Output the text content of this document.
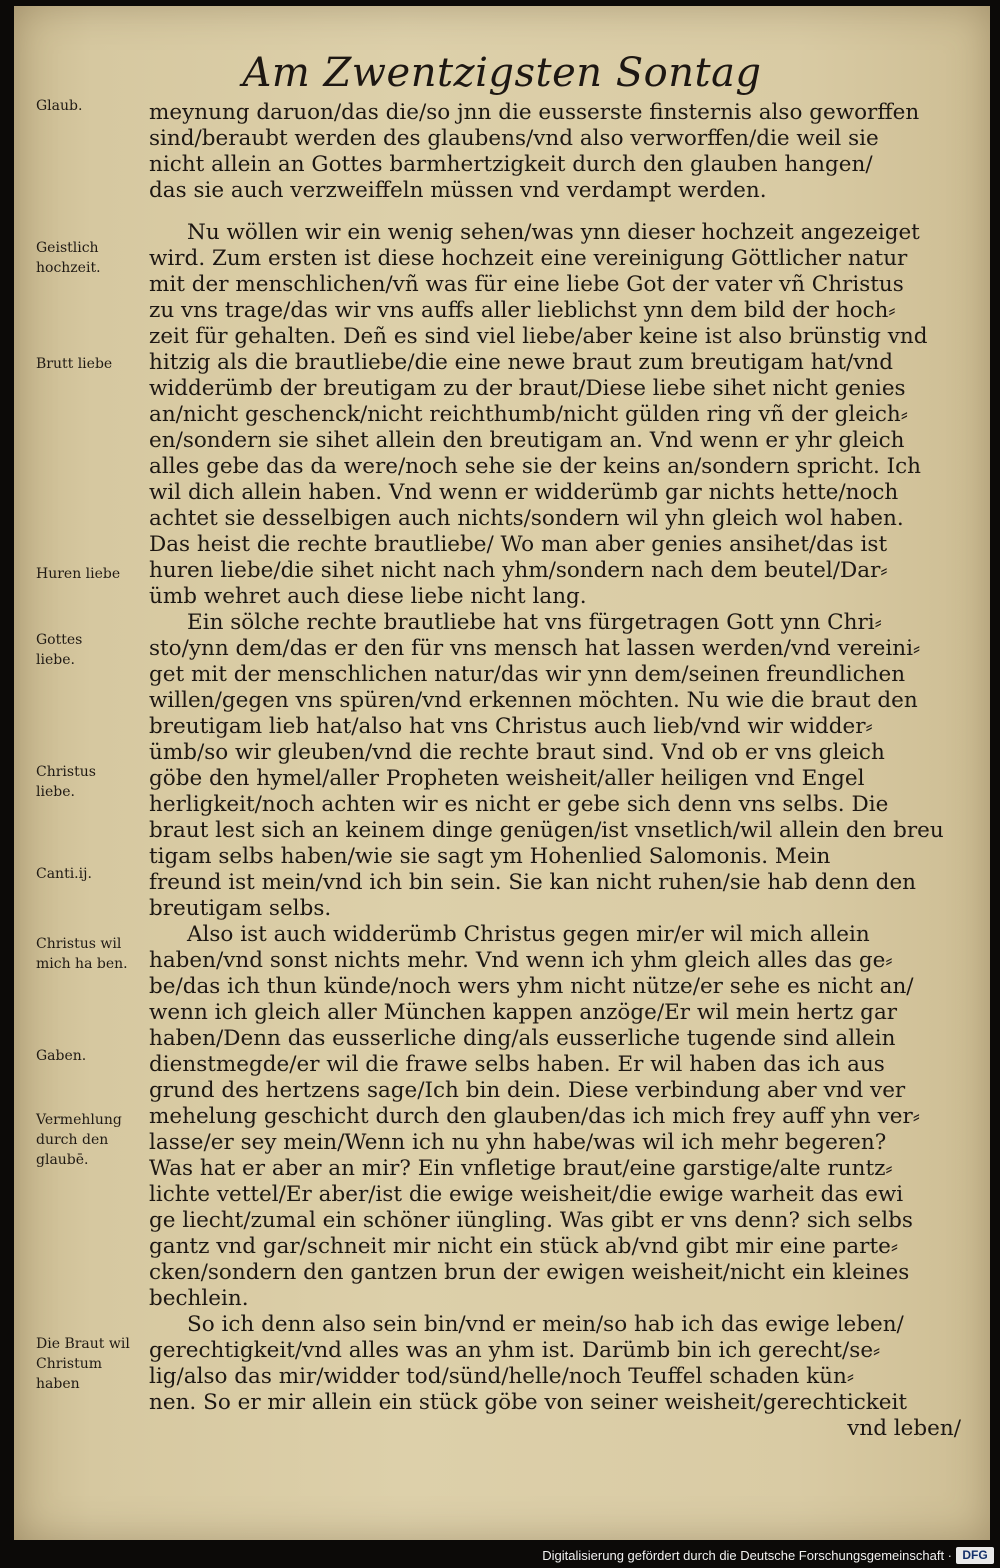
Am Zwentzigsten Sontag
Glaub.
Geistlich hochzeit.
Brutt liebe
Huren liebe
Gottes liebe.
Christus liebe.
Canti.ij.
Christus wil mich ha ben.
Gaben.
Vermehlung durch den glaubē.
Die Braut wil Christum haben
meynung daruon/das die/so jnn die eusserste finsternis also geworffen
sind/beraubt werden des glaubens/vnd also verworffen/die weil sie
nicht allein an Gottes barmhertzigkeit durch den glauben hangen/
das sie auch verzweiffeln müssen vnd verdampt werden.
Nu wöllen wir ein wenig sehen/was ynn dieser hochzeit angezeiget
wird. Zum ersten ist diese hochzeit eine vereinigung Göttlicher natur
mit der menschlichen/vñ was für eine liebe Got der vater vñ Christus
zu vns trage/das wir vns auffs aller lieblichst ynn dem bild der hoch⸗
zeit für gehalten. Deñ es sind viel liebe/aber keine ist also brünstig vnd
hitzig als die brautliebe/die eine newe braut zum breutigam hat/vnd
widderümb der breutigam zu der braut/Diese liebe sihet nicht genies
an/nicht geschenck/nicht reichthumb/nicht gülden ring vñ der gleich⸗
en/sondern sie sihet allein den breutigam an. Vnd wenn er yhr gleich
alles gebe das da were/noch sehe sie der keins an/sondern spricht. Ich
wil dich allein haben. Vnd wenn er widderümb gar nichts hette/noch
achtet sie desselbigen auch nichts/sondern wil yhn gleich wol haben.
Das heist die rechte brautliebe/ Wo man aber genies ansihet/das ist
huren liebe/die sihet nicht nach yhm/sondern nach dem beutel/Dar⸗
ümb wehret auch diese liebe nicht lang.
Ein sölche rechte brautliebe hat vns fürgetragen Gott ynn Chri⸗
sto/ynn dem/das er den für vns mensch hat lassen werden/vnd vereini⸗
get mit der menschlichen natur/das wir ynn dem/seinen freundlichen
willen/gegen vns spüren/vnd erkennen möchten. Nu wie die braut den
breutigam lieb hat/also hat vns Christus auch lieb/vnd wir widder⸗
ümb/so wir gleuben/vnd die rechte braut sind. Vnd ob er vns gleich
göbe den hymel/aller Propheten weisheit/aller heiligen vnd Engel
herligkeit/noch achten wir es nicht er gebe sich denn vns selbs. Die
braut lest sich an keinem dinge genügen/ist vnsetlich/wil allein den breu
tigam selbs haben/wie sie sagt ym Hohenlied Salomonis. Mein
freund ist mein/vnd ich bin sein. Sie kan nicht ruhen/sie hab denn den
breutigam selbs.
Also ist auch widderümb Christus gegen mir/er wil mich allein
haben/vnd sonst nichts mehr. Vnd wenn ich yhm gleich alles das ge⸗
be/das ich thun künde/noch wers yhm nicht nütze/er sehe es nicht an/
wenn ich gleich aller München kappen anzöge/Er wil mein hertz gar
haben/Denn das eusserliche ding/als eusserliche tugende sind allein
dienstmegde/er wil die frawe selbs haben. Er wil haben das ich aus
grund des hertzens sage/Ich bin dein. Diese verbindung aber vnd ver
mehelung geschicht durch den glauben/das ich mich frey auff yhn ver⸗
lasse/er sey mein/Wenn ich nu yhn habe/was wil ich mehr begeren?
Was hat er aber an mir? Ein vnfletige braut/eine garstige/alte runtz⸗
lichte vettel/Er aber/ist die ewige weisheit/die ewige warheit das ewi
ge liecht/zumal ein schöner iüngling. Was gibt er vns denn? sich selbs
gantz vnd gar/schneit mir nicht ein stück ab/vnd gibt mir eine parte⸗
cken/sondern den gantzen brun der ewigen weisheit/nicht ein kleines
bechlein.
So ich denn also sein bin/vnd er mein/so hab ich das ewige leben/
gerechtigkeit/vnd alles was an yhm ist. Darümb bin ich gerecht/se⸗
lig/also das mir/widder tod/sünd/helle/noch Teuffel schaden kün⸗
nen. So er mir allein ein stück göbe von seiner weisheit/gerechtickeit
vnd leben/
Digitalisierung gefördert durch die Deutsche Forschungsgemeinschaft · DFG
